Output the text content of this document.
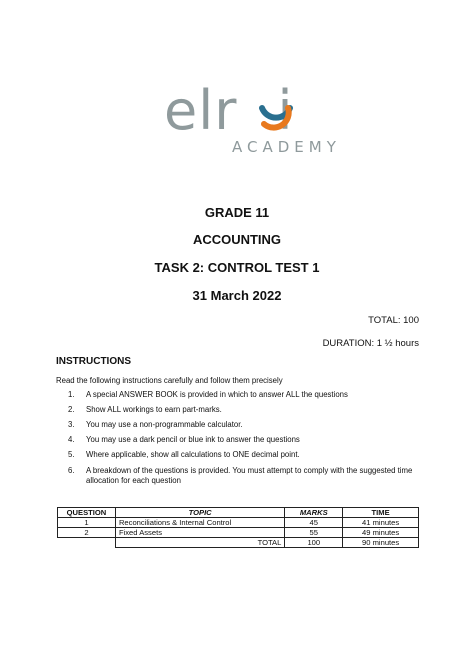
elr i
ACADEMY
GRADE 11
ACCOUNTING
TASK 2: CONTROL TEST 1
31 March 2022
TOTAL: 100
DURATION: 1 ½ hours
INSTRUCTIONS
Read the following instructions carefully and follow them precisely
1.	A special ANSWER BOOK is provided in which to answer ALL the questions
2.	Show ALL workings to earn part-marks.
3.	You may use a non-programmable calculator.
4.	You may use a dark pencil or blue ink to answer the questions
5.	Where applicable, show all calculations to ONE decimal point.
6.	A breakdown of the questions is provided. You must attempt to comply with the suggested time allocation for each question
QUESTION	TOPIC	MARKS	TIME
1	Reconciliations & Internal Control	45	41 minutes
2	Fixed Assets	55	49 minutes
	TOTAL	100	90 minutes
